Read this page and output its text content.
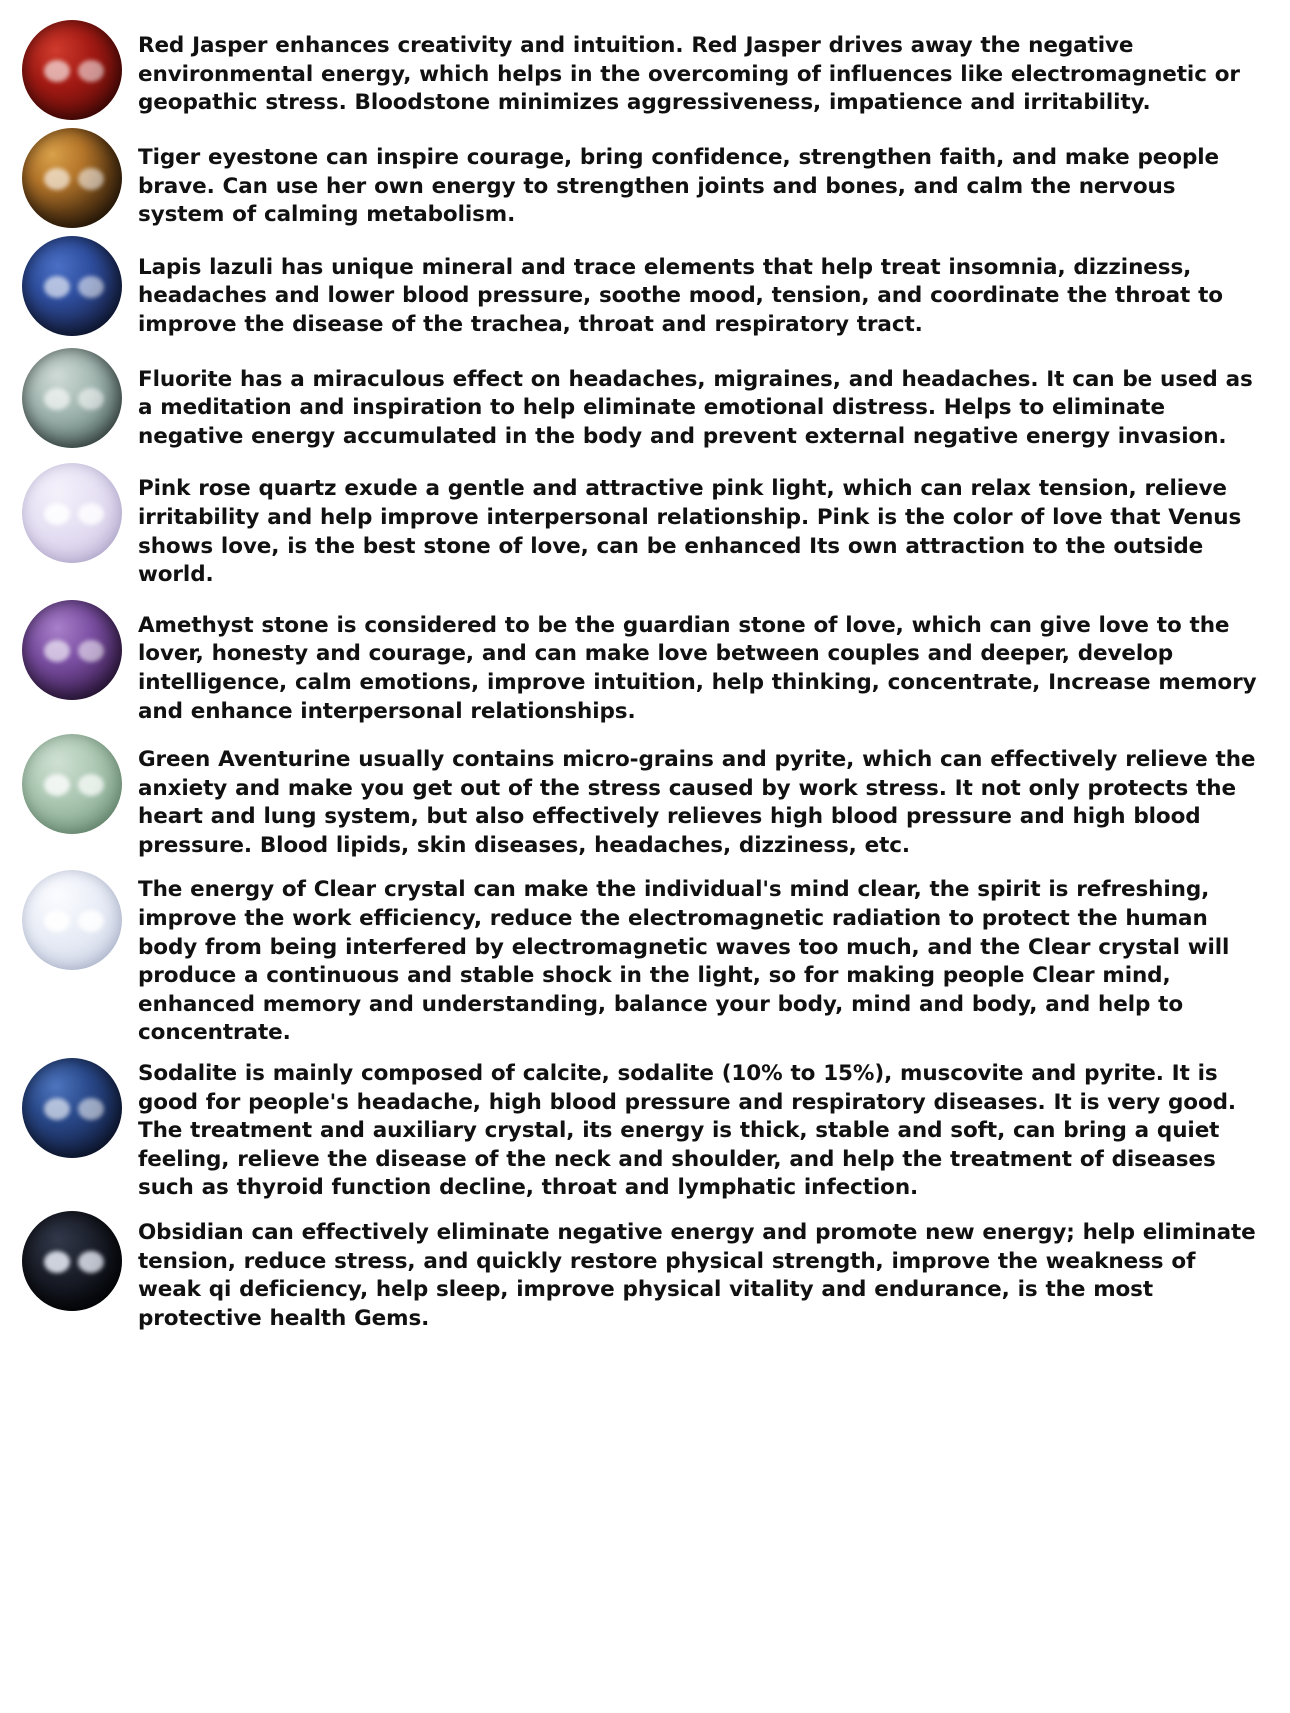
Red Jasper enhances creativity and intuition. Red Jasper drives away the negative environmental energy, which helps in the overcoming of influences like electromagnetic or geopathic stress. Bloodstone minimizes aggressiveness, impatience and irritability.

Tiger eyestone can inspire courage, bring confidence, strengthen faith, and make people brave. Can use her own energy to strengthen joints and bones, and calm the nervous system of calming metabolism.

Lapis lazuli has unique mineral and trace elements that help treat insomnia, dizziness, headaches and lower blood pressure, soothe mood, tension, and coordinate the throat to improve the disease of the trachea, throat and respiratory tract.

Fluorite has a miraculous effect on headaches, migraines, and headaches. It can be used as a meditation and inspiration to help eliminate emotional distress. Helps to eliminate negative energy accumulated in the body and prevent external negative energy invasion.

Pink rose quartz exude a gentle and attractive pink light, which can relax tension, relieve irritability and help improve interpersonal relationship. Pink is the color of love that Venus shows love, is the best stone of love, can be enhanced Its own attraction to the outside world.

Amethyst stone is considered to be the guardian stone of love, which can give love to the lover, honesty and courage, and can make love between couples and deeper, develop intelligence, calm emotions, improve intuition, help thinking, concentrate, Increase memory and enhance interpersonal relationships.

Green Aventurine usually contains micro-grains and pyrite, which can effectively relieve the anxiety and make you get out of the stress caused by work stress. It not only protects the heart and lung system, but also effectively relieves high blood pressure and high blood pressure. Blood lipids, skin diseases, headaches, dizziness, etc.

The energy of Clear crystal can make the individual's mind clear, the spirit is refreshing, improve the work efficiency, reduce the electromagnetic radiation to protect the human body from being interfered by electromagnetic waves too much, and the Clear crystal will produce a continuous and stable shock in the light, so for making people Clear mind, enhanced memory and understanding, balance your body, mind and body, and help to concentrate.

Sodalite is mainly composed of calcite, sodalite (10% to 15%), muscovite and pyrite. It is good for people's headache, high blood pressure and respiratory diseases. It is very good. The treatment and auxiliary crystal, its energy is thick, stable and soft, can bring a quiet feeling, relieve the disease of the neck and shoulder, and help the treatment of diseases such as thyroid function decline, throat and lymphatic infection.

Obsidian can effectively eliminate negative energy and promote new energy; help eliminate tension, reduce stress, and quickly restore physical strength, improve the weakness of weak qi deficiency, help sleep, improve physical vitality and endurance, is the most protective health Gems.
